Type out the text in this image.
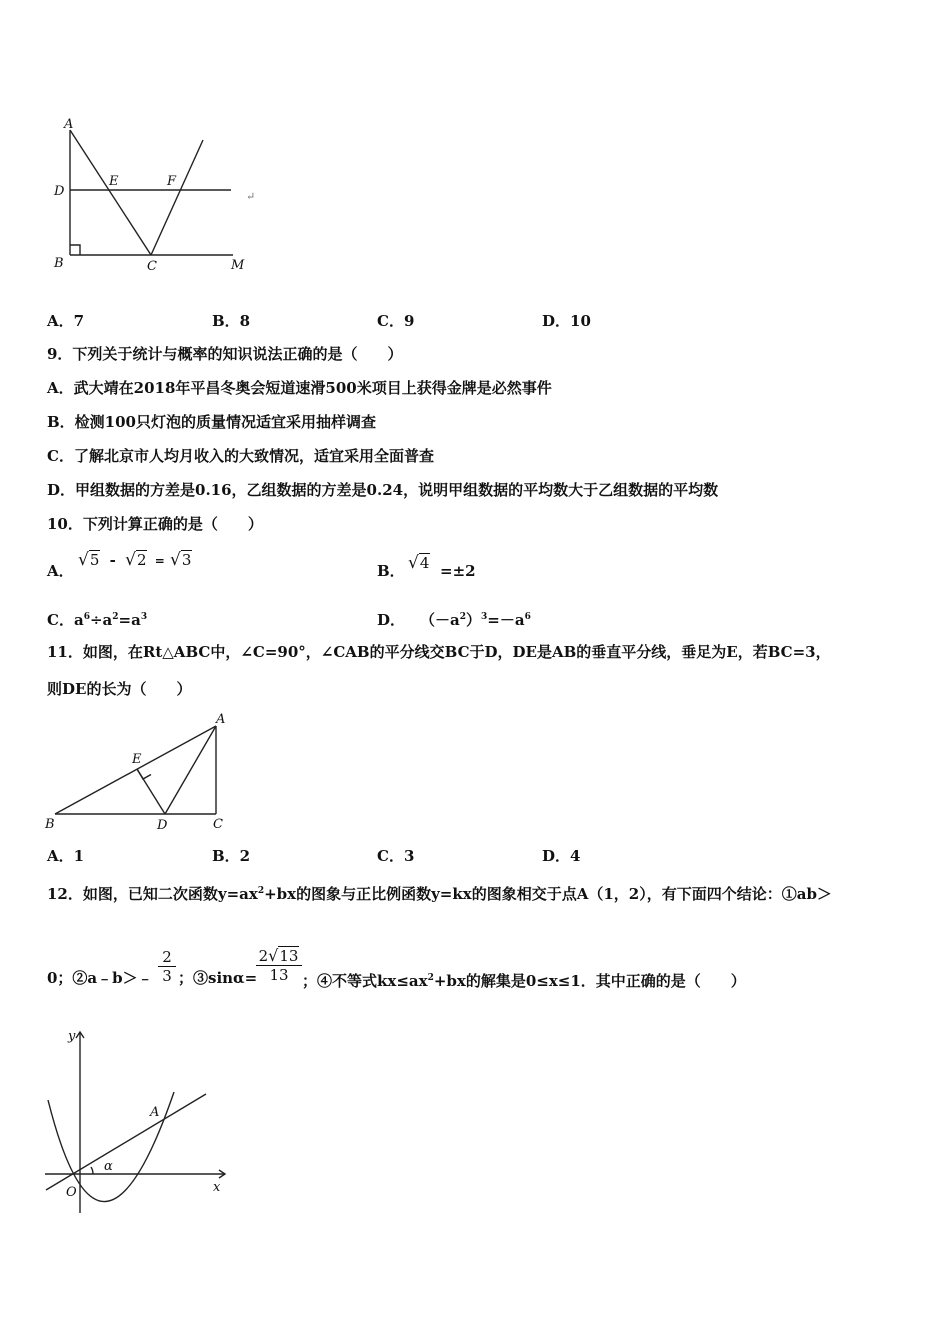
A
D
E	F
B	C	M
↵
A．7	B．8	C．9	D．10
9．下列关于统计与概率的知识说法正确的是（　　）
A．武大靖在2018年平昌冬奥会短道速滑500米项目上获得金牌是必然事件
B．检测100只灯泡的质量情况适宜采用抽样调查
C．了解北京市人均月收入的大致情况，适宜采用全面普查
D．甲组数据的方差是0.16，乙组数据的方差是0.24，说明甲组数据的平均数大于乙组数据的平均数
10．下列计算正确的是（　　）
A．
√5 - √2 = √3
B． √4 =±2
C．$a^6\div a^2=a^3$	D．  $(-a^2)^3=-a^6$
11．如图，在Rt△ABC中，∠C=90°，∠CAB的平分线交BC于D，DE是AB的垂直平分线，垂足为E，若BC=3，
则DE的长为（　　）
A
E
B	D	C
A．1	B．2	C．3	D．4
12．如图，已知二次函数$y=ax^2+bx$的图象与正比例函数y=kx的图象相交于点A（1，2），有下面四个结论：①ab＞
0；②a﹣b＞﹣ $\frac{2}{3}$ ；③sinα=
$\frac{2√13}{13}$ ；④不等式$kx\le ax^2+bx$的解集是0≤x≤1．其中正确的是（　　）
y
A
α
O	x
